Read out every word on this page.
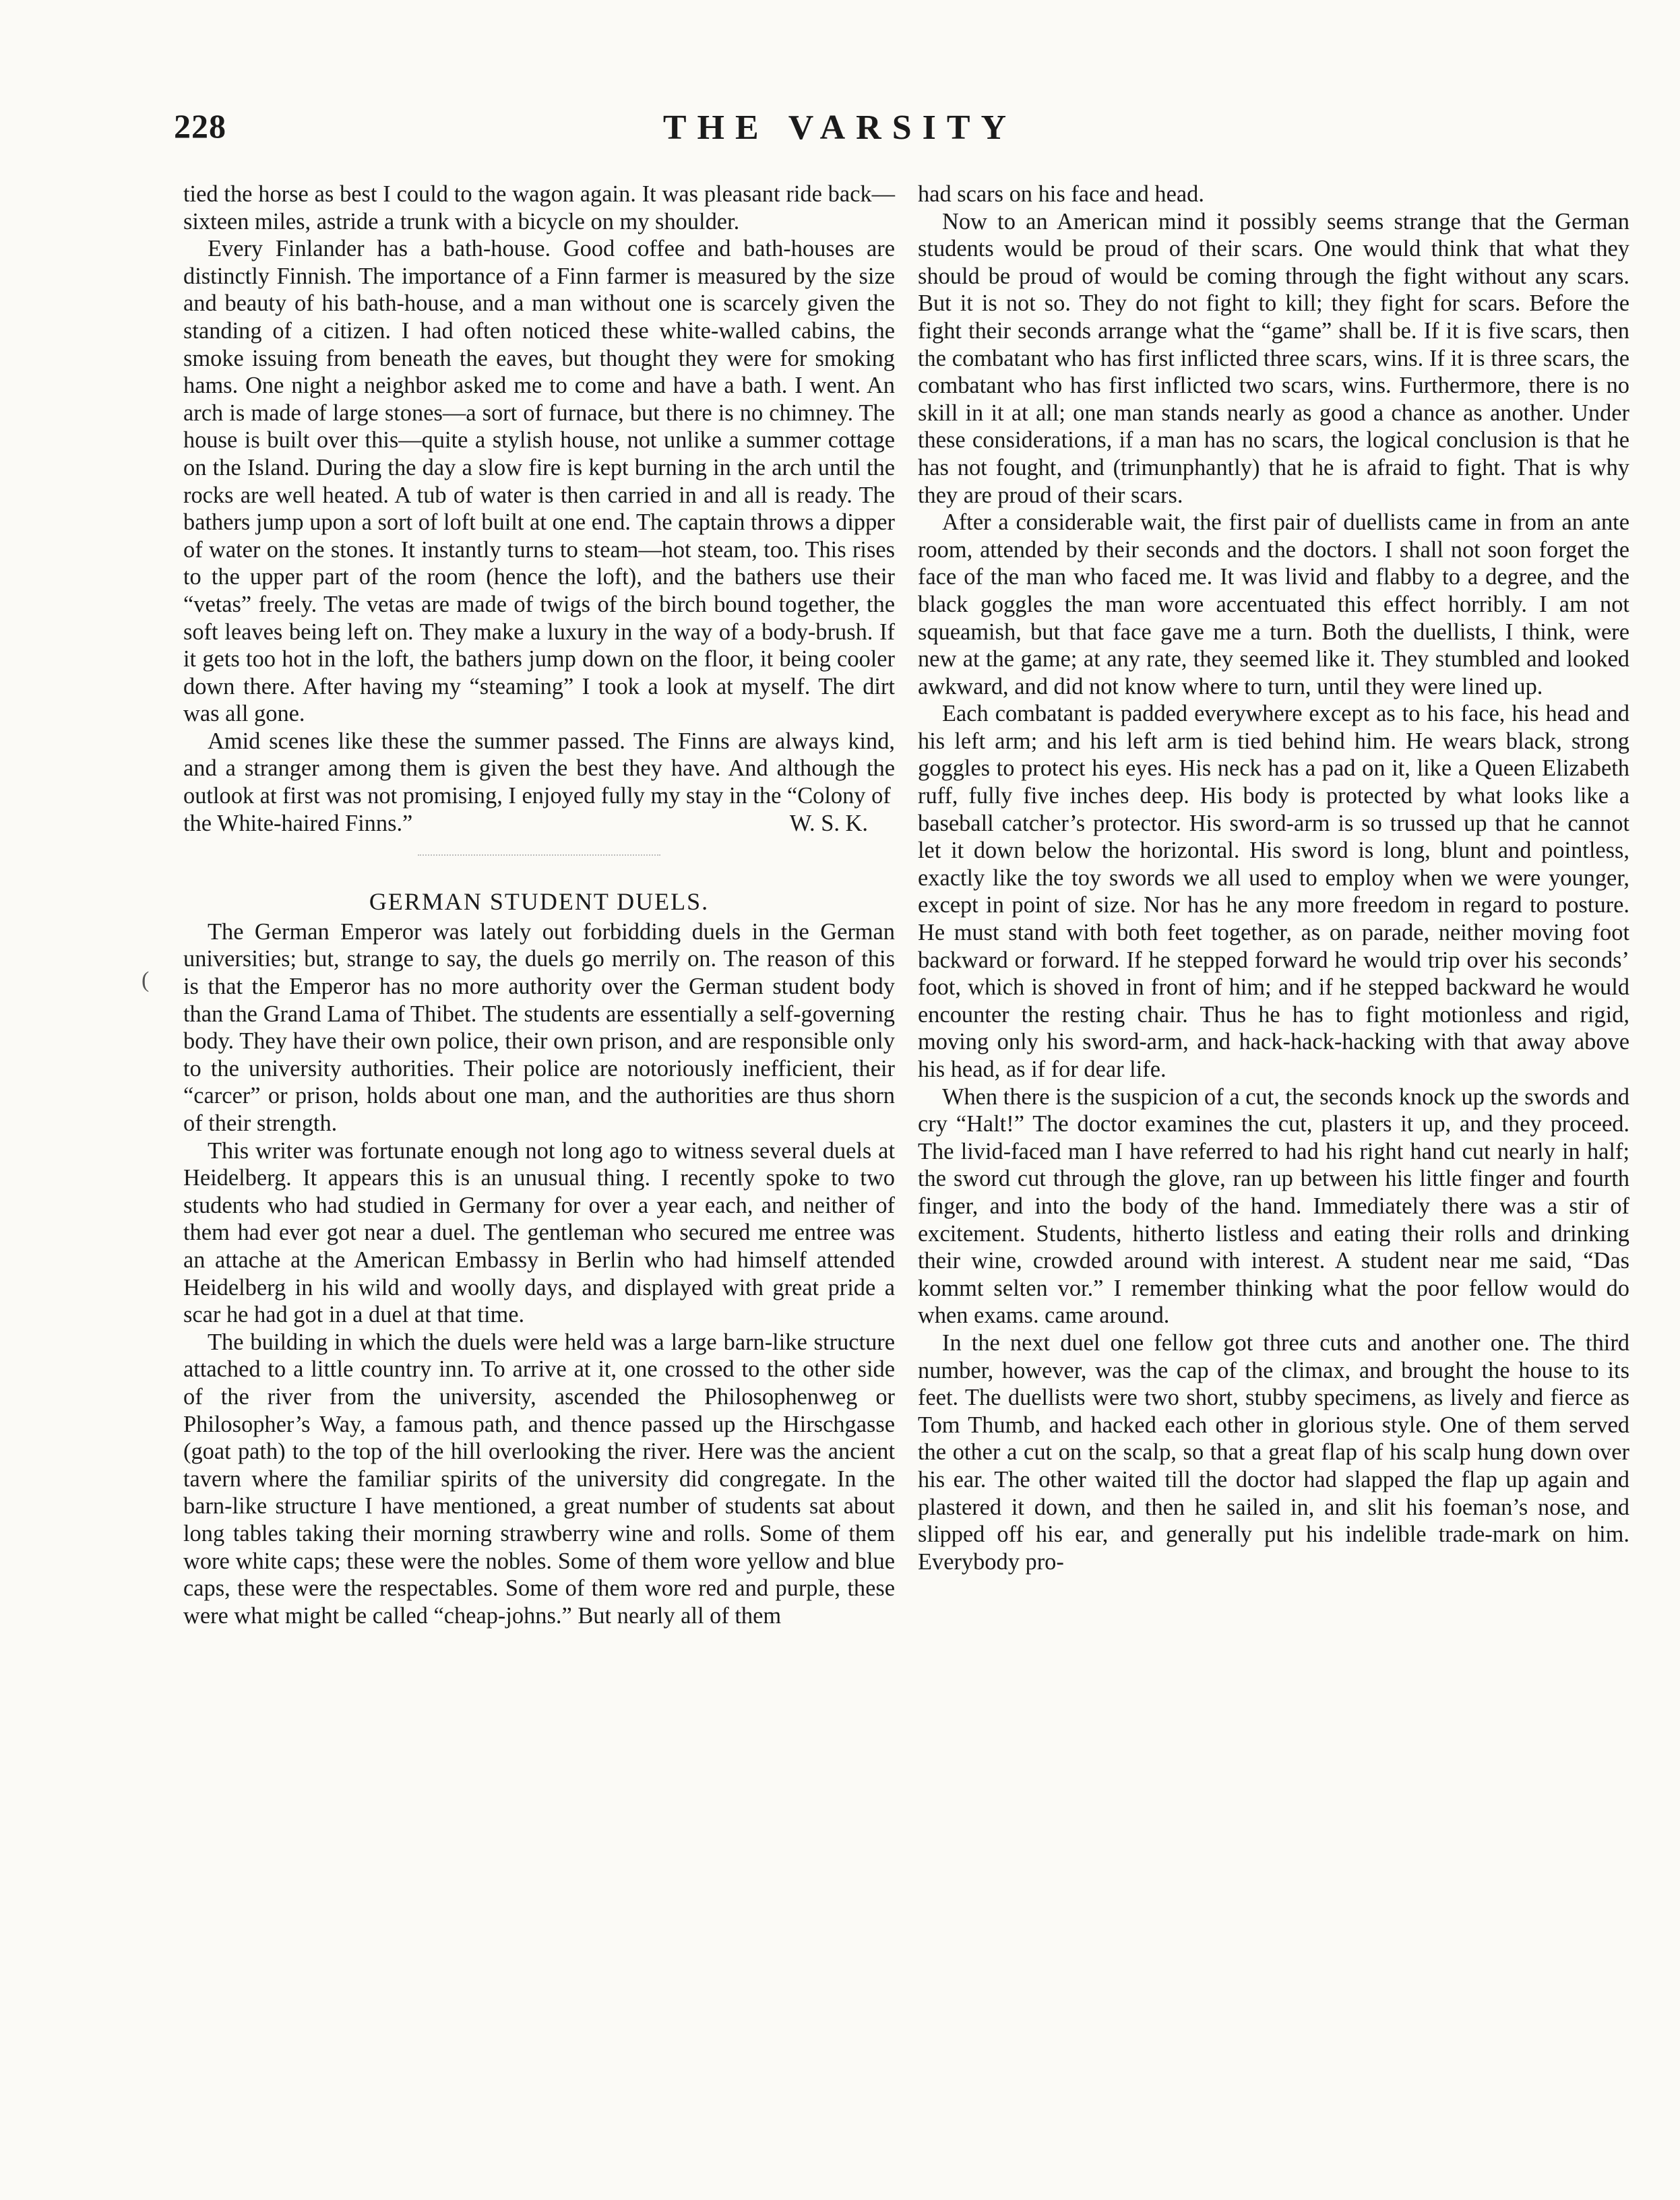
228	THE VARSITY
(

tied the horse as best I could to the wagon again. It was pleasant ride back—sixteen miles, astride a trunk with a bicycle on my shoulder.

Every Finlander has a bath-house. Good coffee and bath-houses are distinctly Finnish. The importance of a Finn farmer is measured by the size and beauty of his bath-house, and a man without one is scarcely given the standing of a citizen. I had often noticed these white-walled cabins, the smoke issuing from beneath the eaves, but thought they were for smoking hams. One night a neighbor asked me to come and have a bath. I went. An arch is made of large stones—a sort of furnace, but there is no chimney. The house is built over this—quite a stylish house, not unlike a summer cottage on the Island. During the day a slow fire is kept burning in the arch until the rocks are well heated. A tub of water is then carried in and all is ready. The bathers jump upon a sort of loft built at one end. The captain throws a dipper of water on the stones. It instantly turns to steam—hot steam, too. This rises to the upper part of the room (hence the loft), and the bathers use their “vetas” freely. The vetas are made of twigs of the birch bound together, the soft leaves being left on. They make a luxury in the way of a body-brush. If it gets too hot in the loft, the bathers jump down on the floor, it being cooler down there. After having my “steaming” I took a look at myself. The dirt was all gone.

Amid scenes like these the summer passed. The Finns are always kind, and a stranger among them is given the best they have. And although the outlook at first was not promising, I enjoyed fully my stay in the “Colony of

the White-haired Finns.”	W. S. K.
GERMAN STUDENT DUELS.

The German Emperor was lately out forbidding duels in the German universities; but, strange to say, the duels go merrily on. The reason of this is that the Emperor has no more authority over the German student body than the Grand Lama of Thibet. The students are essentially a self-governing body. They have their own police, their own prison, and are responsible only to the university authorities. Their police are notoriously inefficient, their “carcer” or prison, holds about one man, and the authorities are thus shorn of their strength.

This writer was fortunate enough not long ago to witness several duels at Heidelberg. It appears this is an unusual thing. I recently spoke to two students who had studied in Germany for over a year each, and neither of them had ever got near a duel. The gentleman who secured me entree was an attache at the American Embassy in Berlin who had himself attended Heidelberg in his wild and woolly days, and displayed with great pride a scar he had got in a duel at that time.

The building in which the duels were held was a large barn-like structure attached to a little country inn. To arrive at it, one crossed to the other side of the river from the university, ascended the Philosophenweg or Philosopher’s Way, a famous path, and thence passed up the Hirschgasse (goat path) to the top of the hill overlooking the river. Here was the ancient tavern where the familiar spirits of the university did congregate. In the barn-like structure I have mentioned, a great number of students sat about long tables taking their morning strawberry wine and rolls. Some of them wore white caps; these were the nobles. Some of them wore yellow and blue caps, these were the respectables. Some of them wore red and purple, these were what might be called “cheap-johns.” But nearly all of them

had scars on his face and head.

Now to an American mind it possibly seems strange that the German students would be proud of their scars. One would think that what they should be proud of would be coming through the fight without any scars. But it is not so. They do not fight to kill; they fight for scars. Before the fight their seconds arrange what the “game” shall be. If it is five scars, then the combatant who has first inflicted three scars, wins. If it is three scars, the combatant who has first inflicted two scars, wins. Furthermore, there is no skill in it at all; one man stands nearly as good a chance as another. Under these considerations, if a man has no scars, the logical conclusion is that he has not fought, and (trimunphantly) that he is afraid to fight. That is why they are proud of their scars.

After a considerable wait, the first pair of duellists came in from an ante room, attended by their seconds and the doctors. I shall not soon forget the face of the man who faced me. It was livid and flabby to a degree, and the black goggles the man wore accentuated this effect horribly. I am not squeamish, but that face gave me a turn. Both the duellists, I think, were new at the game; at any rate, they seemed like it. They stumbled and looked awkward, and did not know where to turn, until they were lined up.

Each combatant is padded everywhere except as to his face, his head and his left arm; and his left arm is tied behind him. He wears black, strong goggles to protect his eyes. His neck has a pad on it, like a Queen Elizabeth ruff, fully five inches deep. His body is protected by what looks like a baseball catcher’s protector. His sword-arm is so trussed up that he cannot let it down below the horizontal. His sword is long, blunt and pointless, exactly like the toy swords we all used to employ when we were younger, except in point of size. Nor has he any more freedom in regard to posture. He must stand with both feet together, as on parade, neither moving foot backward or forward. If he stepped forward he would trip over his seconds’ foot, which is shoved in front of him; and if he stepped backward he would encounter the resting chair. Thus he has to fight motionless and rigid, moving only his sword-arm, and hack-hack-hacking with that away above his head, as if for dear life.

When there is the suspicion of a cut, the seconds knock up the swords and cry “Halt!” The doctor examines the cut, plasters it up, and they proceed. The livid-faced man I have referred to had his right hand cut nearly in half; the sword cut through the glove, ran up between his little finger and fourth finger, and into the body of the hand. Immediately there was a stir of excitement. Students, hitherto listless and eating their rolls and drinking their wine, crowded around with interest. A student near me said, “Das kommt selten vor.” I remember thinking what the poor fellow would do when exams. came around.

In the next duel one fellow got three cuts and another one. The third number, however, was the cap of the climax, and brought the house to its feet. The duellists were two short, stubby specimens, as lively and fierce as Tom Thumb, and hacked each other in glorious style. One of them served the other a cut on the scalp, so that a great flap of his scalp hung down over his ear. The other waited till the doctor had slapped the flap up again and plastered it down, and then he sailed in, and slit his foeman’s nose, and slipped off his ear, and generally put his indelible trade-mark on him. Everybody pro-
